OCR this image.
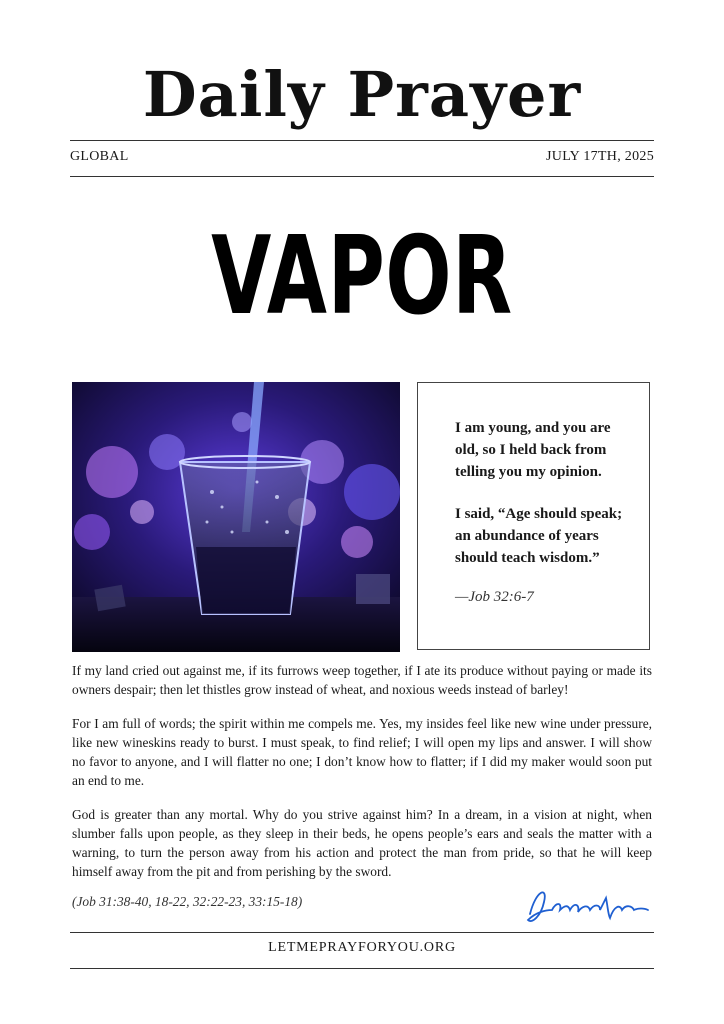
Daily Prayer
GLOBAL	JULY 17TH, 2025
VAPOR

I am young, and you are old, so I held back from telling you my opinion.

I said, “Age should speak; an abundance of years should teach wisdom.”

—Job 32:6-7

If my land cried out against me, if its furrows weep together, if I ate its produce without paying or made its owners despair; then let thistles grow instead of wheat, and noxious weeds instead of barley!

For I am full of words; the spirit within me compels me. Yes, my insides feel like new wine under pressure, like new wineskins ready to burst. I must speak, to find relief; I will open my lips and answer. I will show no favor to anyone, and I will flatter no one; I don’t know how to flatter; if I did my maker would soon put an end to me.

God is greater than any mortal. Why do you strive against him? In a dream, in a vision at night, when slumber falls upon people, as they sleep in their beds, he opens people’s ears and seals the matter with a warning, to turn the person away from his action and protect the man from pride, so that he will keep himself away from the pit and from perishing by the sword.

(Job 31:38-40, 18-22, 32:22-23, 33:15-18)
LETMEPRAYFORYOU.ORG
